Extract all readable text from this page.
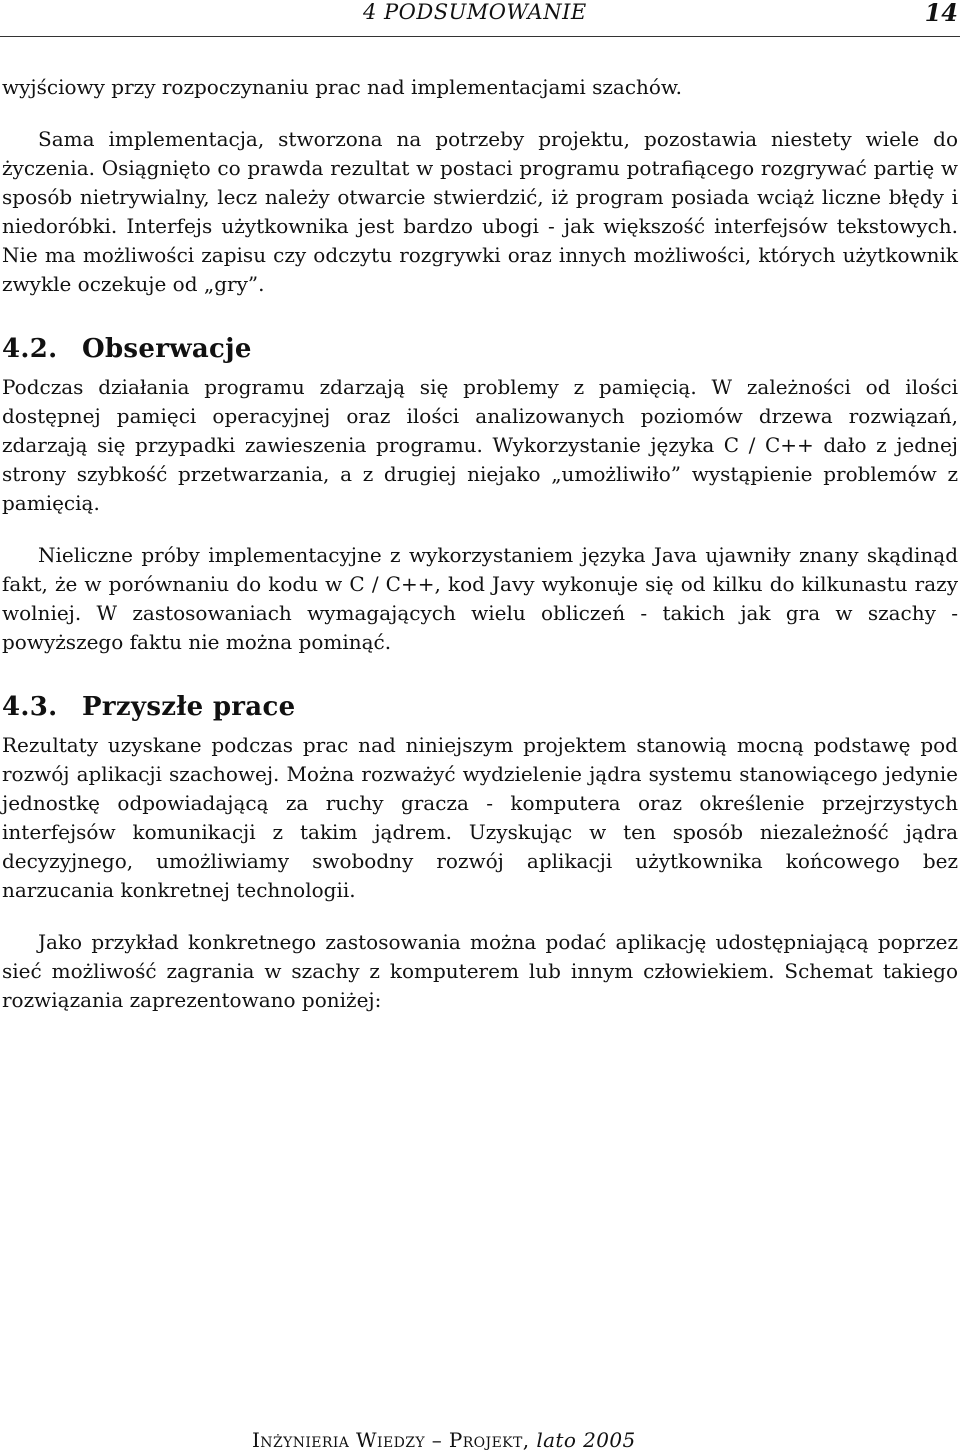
4 PODSUMOWANIE	14

wyjściowy przy rozpoczynaniu prac nad implementacjami szachów.

Sama implementacja, stworzona na potrzeby projektu, pozostawia niestety wiele do życzenia. Osiągnięto co prawda rezultat w postaci programu potrafiącego rozgrywać partię w sposób nietrywialny, lecz należy otwarcie stwierdzić, iż program posiada wciąż liczne błędy i niedoróbki. Interfejs użytkownika jest bardzo ubogi - jak większość interfejsów tekstowych. Nie ma możliwości zapisu czy odczytu rozgrywki oraz innych możliwości, których użytkownik zwykle oczekuje od „gry”.

4.2. Obserwacje

Podczas działania programu zdarzają się problemy z pamięcią. W zależności od ilości dostępnej pamięci operacyjnej oraz ilości analizowanych poziomów drzewa rozwiązań, zdarzają się przypadki zawieszenia programu. Wykorzystanie języka C / C++ dało z jednej strony szybkość przetwarzania, a z drugiej niejako „umożliwiło” wystąpienie problemów z pamięcią.

Nieliczne próby implementacyjne z wykorzystaniem języka Java ujawniły znany skądinąd fakt, że w porównaniu do kodu w C / C++, kod Javy wykonuje się od kilku do kilkunastu razy wolniej. W zastosowaniach wymagających wielu obliczeń - takich jak gra w szachy - powyższego faktu nie można pominąć.

4.3. Przyszłe prace

Rezultaty uzyskane podczas prac nad niniejszym projektem stanowią mocną podstawę pod rozwój aplikacji szachowej. Można rozważyć wydzielenie jądra systemu stanowiącego jedynie jednostkę odpowiadającą za ruchy gracza - komputera oraz określenie przejrzystych interfejsów komunikacji z takim jądrem. Uzyskując w ten sposób niezależność jądra decyzyjnego, umożliwiamy swobodny rozwój aplikacji użytkownika końcowego bez narzucania konkretnej technologii.

Jako przykład konkretnego zastosowania można podać aplikację udostępniającą poprzez sieć możliwość zagrania w szachy z komputerem lub innym człowiekiem. Schemat takiego rozwiązania zaprezentowano poniżej:

Inżynieria Wiedzy – Projekt, lato 2005
